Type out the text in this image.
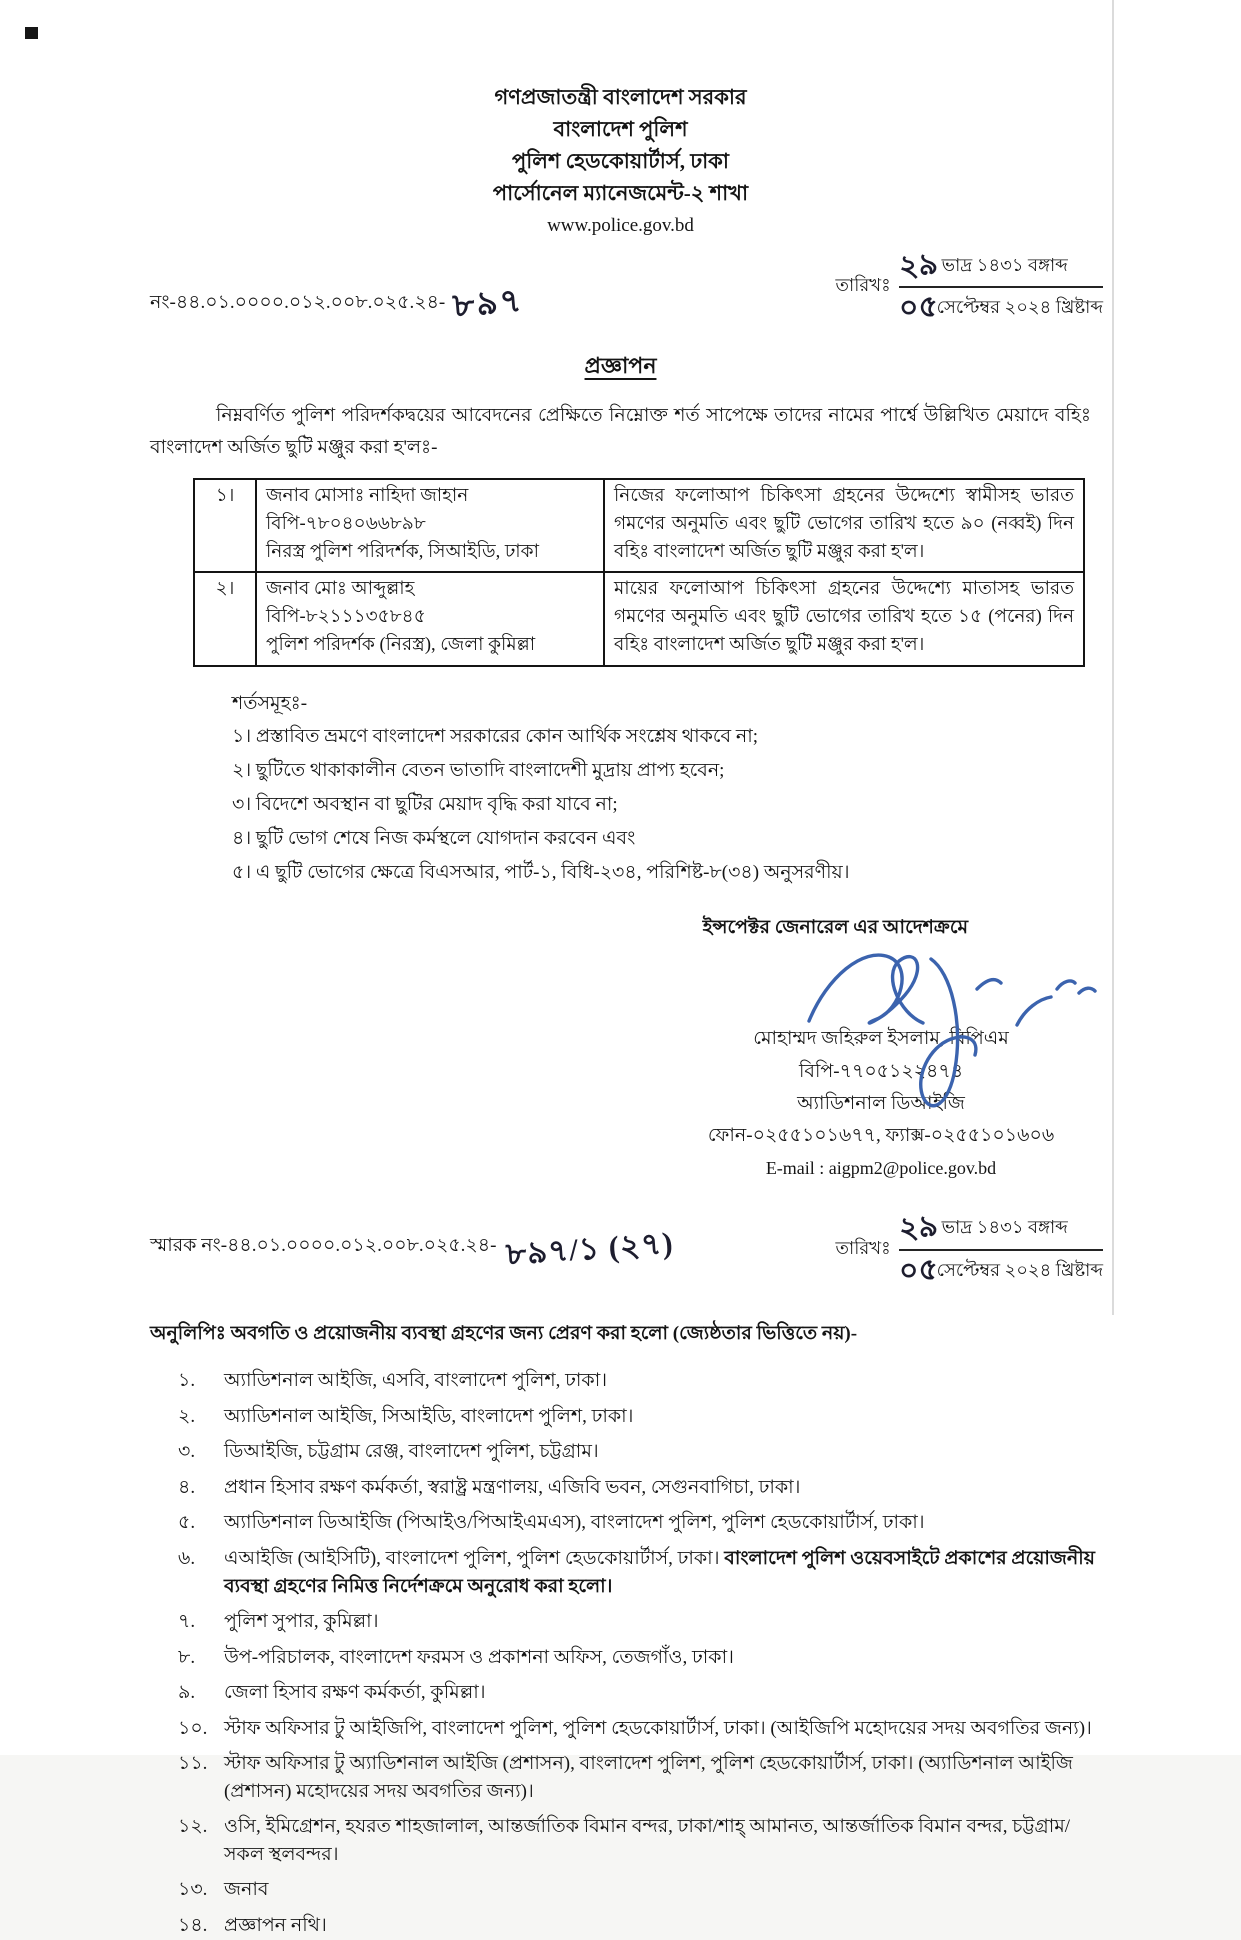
গণপ্রজাতন্ত্রী বাংলাদেশ সরকার
বাংলাদেশ পুলিশ
পুলিশ হেডকোয়ার্টার্স, ঢাকা
পার্সোনেল ম্যানেজমেন্ট-২ শাখা
www.police.gov.bd
নং-৪৪.০১.০০০০.০১২.০০৮.০২৫.২৪- ৮৯৭	তারিখঃ $\frac{\text{২৯ ভাদ্র ১৪৩১ বঙ্গাব্দ}}{\text{০৫সেপ্টেম্বর ২০২৪ খ্রিষ্টাব্দ}}$
প্রজ্ঞাপন
নিম্নবর্ণিত পুলিশ পরিদর্শকদ্বয়ের আবেদনের প্রেক্ষিতে নিম্নোক্ত শর্ত সাপেক্ষে তাদের নামের পার্শ্বে উল্লিখিত মেয়াদে বহিঃ বাংলাদেশ অর্জিত ছুটি মঞ্জুর করা হ'লঃ-
১।	জনাব মোসাঃ নাহিদা জাহান
বিপি-৭৮০৪০৬৬৮৯৮
নিরস্ত্র পুলিশ পরিদর্শক, সিআইডি, ঢাকা	নিজের ফলোআপ চিকিৎসা গ্রহনের উদ্দেশ্যে স্বামীসহ ভারত গমণের অনুমতি এবং ছুটি ভোগের তারিখ হতে ৯০ (নব্বই) দিন বহিঃ বাংলাদেশ অর্জিত ছুটি মঞ্জুর করা হ'ল।
২।	জনাব মোঃ আব্দুল্লাহ
বিপি-৮২১১১৩৫৮৪৫
পুলিশ পরিদর্শক (নিরস্ত্র), জেলা কুমিল্লা	মায়ের ফলোআপ চিকিৎসা গ্রহনের উদ্দেশ্যে মাতাসহ ভারত গমণের অনুমতি এবং ছুটি ভোগের তারিখ হতে ১৫ (পনের) দিন বহিঃ বাংলাদেশ অর্জিত ছুটি মঞ্জুর করা হ'ল।
শর্তসমূহঃ-
১। প্রস্তাবিত ভ্রমণে বাংলাদেশ সরকারের কোন আর্থিক সংশ্লেষ থাকবে না;
২। ছুটিতে থাকাকালীন বেতন ভাতাদি বাংলাদেশী মুদ্রায় প্রাপ্য হবেন;
৩। বিদেশে অবস্থান বা ছুটির মেয়াদ বৃদ্ধি করা যাবে না;
৪। ছুটি ভোগ শেষে নিজ কর্মস্থলে যোগদান করবেন এবং
৫। এ ছুটি ভোগের ক্ষেত্রে বিএসআর, পার্ট-১, বিধি-২৩৪, পরিশিষ্ট-৮(৩৪) অনুসরণীয়।
ইন্সপেক্টর জেনারেল এর আদেশক্রমে
মোহাম্মদ জহিরুল ইসলাম, বিপিএম
বিপি-৭৭০৫১২২৪৭৪
অ্যাডিশনাল ডিআইজি
ফোন-০২৫৫১০১৬৭৭, ফ্যাক্স-০২৫৫১০১৬০৬
E-mail : aigpm2@police.gov.bd
স্মারক নং-৪৪.০১.০০০০.০১২.০০৮.০২৫.২৪- ৮৯৭/১ (২৭)	তারিখঃ $\frac{\text{২৯ ভাদ্র ১৪৩১ বঙ্গাব্দ}}{\text{০৫সেপ্টেম্বর ২০২৪ খ্রিষ্টাব্দ}}$
অনুলিপিঃ অবগতি ও প্রয়োজনীয় ব্যবস্থা গ্রহণের জন্য প্রেরণ করা হলো (জ্যেষ্ঠতার ভিত্তিতে নয়)-
১.	অ্যাডিশনাল আইজি, এসবি, বাংলাদেশ পুলিশ, ঢাকা।
২.	অ্যাডিশনাল আইজি, সিআইডি, বাংলাদেশ পুলিশ, ঢাকা।
৩.	ডিআইজি, চট্টগ্রাম রেঞ্জ, বাংলাদেশ পুলিশ, চট্টগ্রাম।
৪.	প্রধান হিসাব রক্ষণ কর্মকর্তা, স্বরাষ্ট্র মন্ত্রণালয়, এজিবি ভবন, সেগুনবাগিচা, ঢাকা।
৫.	অ্যাডিশনাল ডিআইজি (পিআইও/পিআইএমএস), বাংলাদেশ পুলিশ, পুলিশ হেডকোয়ার্টার্স, ঢাকা।
৬.	এআইজি (আইসিটি), বাংলাদেশ পুলিশ, পুলিশ হেডকোয়ার্টার্স, ঢাকা। বাংলাদেশ পুলিশ ওয়েবসাইটে প্রকাশের প্রয়োজনীয় ব্যবস্থা গ্রহণের নিমিত্ত নির্দেশক্রমে অনুরোধ করা হলো।
৭.	পুলিশ সুপার, কুমিল্লা।
৮.	উপ-পরিচালক, বাংলাদেশ ফরমস ও প্রকাশনা অফিস, তেজগাঁও, ঢাকা।
৯.	জেলা হিসাব রক্ষণ কর্মকর্তা, কুমিল্লা।
১০. স্টাফ অফিসার টু আইজিপি, বাংলাদেশ পুলিশ, পুলিশ হেডকোয়ার্টার্স, ঢাকা। (আইজিপি মহোদয়ের সদয় অবগতির জন্য)।
১১. স্টাফ অফিসার টু অ্যাডিশনাল আইজি (প্রশাসন), বাংলাদেশ পুলিশ, পুলিশ হেডকোয়ার্টার্স, ঢাকা। (অ্যাডিশনাল আইজি (প্রশাসন) মহোদয়ের সদয় অবগতির জন্য)।
১২. ওসি, ইমিগ্রেশন, হযরত শাহজালাল, আন্তর্জাতিক বিমান বন্দর, ঢাকা/শাহ্ আমানত, আন্তর্জাতিক বিমান বন্দর, চট্টগ্রাম/ সকল স্থলবন্দর।
১৩. জনাব
১৪. প্রজ্ঞাপন নথি।
